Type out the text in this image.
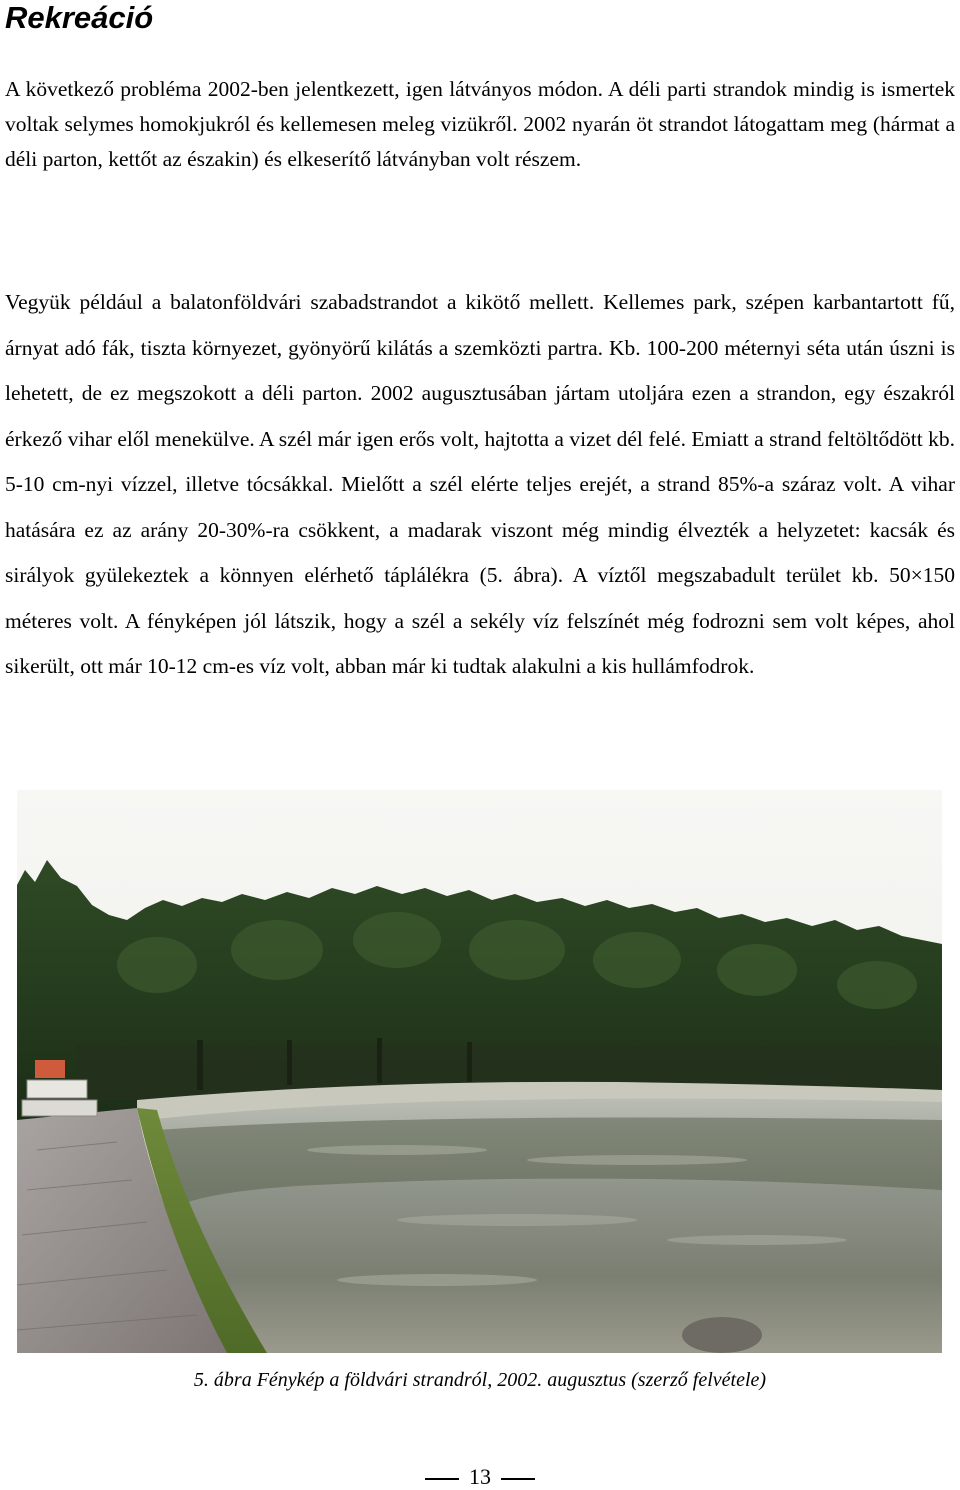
Rekreáció

A következő probléma 2002-ben jelentkezett, igen látványos módon. A déli parti strandok mindig is ismertek voltak selymes homokjukról és kellemesen meleg vizükről. 2002 nyarán öt strandot látogattam meg (hármat a déli parton, kettőt az északin) és elkeserítő látványban volt részem.

Vegyük például a balatonföldvári szabadstrandot a kikötő mellett. Kellemes park, szépen karbantartott fű, árnyat adó fák, tiszta környezet, gyönyörű kilátás a szemközti partra. Kb. 100-200 méternyi séta után úszni is lehetett, de ez megszokott a déli parton. 2002 augusztusában jártam utoljára ezen a strandon, egy északról érkező vihar elől menekülve. A szél már igen erős volt, hajtotta a vizet dél felé. Emiatt a strand feltöltődött kb. 5-10 cm-nyi vízzel, illetve tócsákkal. Mielőtt a szél elérte teljes erejét, a strand 85%-a száraz volt. A vihar hatására ez az arány 20-30%-ra csökkent, a madarak viszont még mindig élvezték a helyzetet: kacsák és sirályok gyülekeztek a könnyen elérhető táplálékra (5. ábra). A víztől megszabadult terület kb. 50×150 méteres volt. A fényképen jól látszik, hogy a szél a sekély víz felszínét még fodrozni sem volt képes, ahol sikerült, ott már 10-12 cm-es víz volt, abban már ki tudtak alakulni a kis hullámfodrok.

5. ábra Fénykép a földvári strandról, 2002. augusztus (szerző felvétele)
13
